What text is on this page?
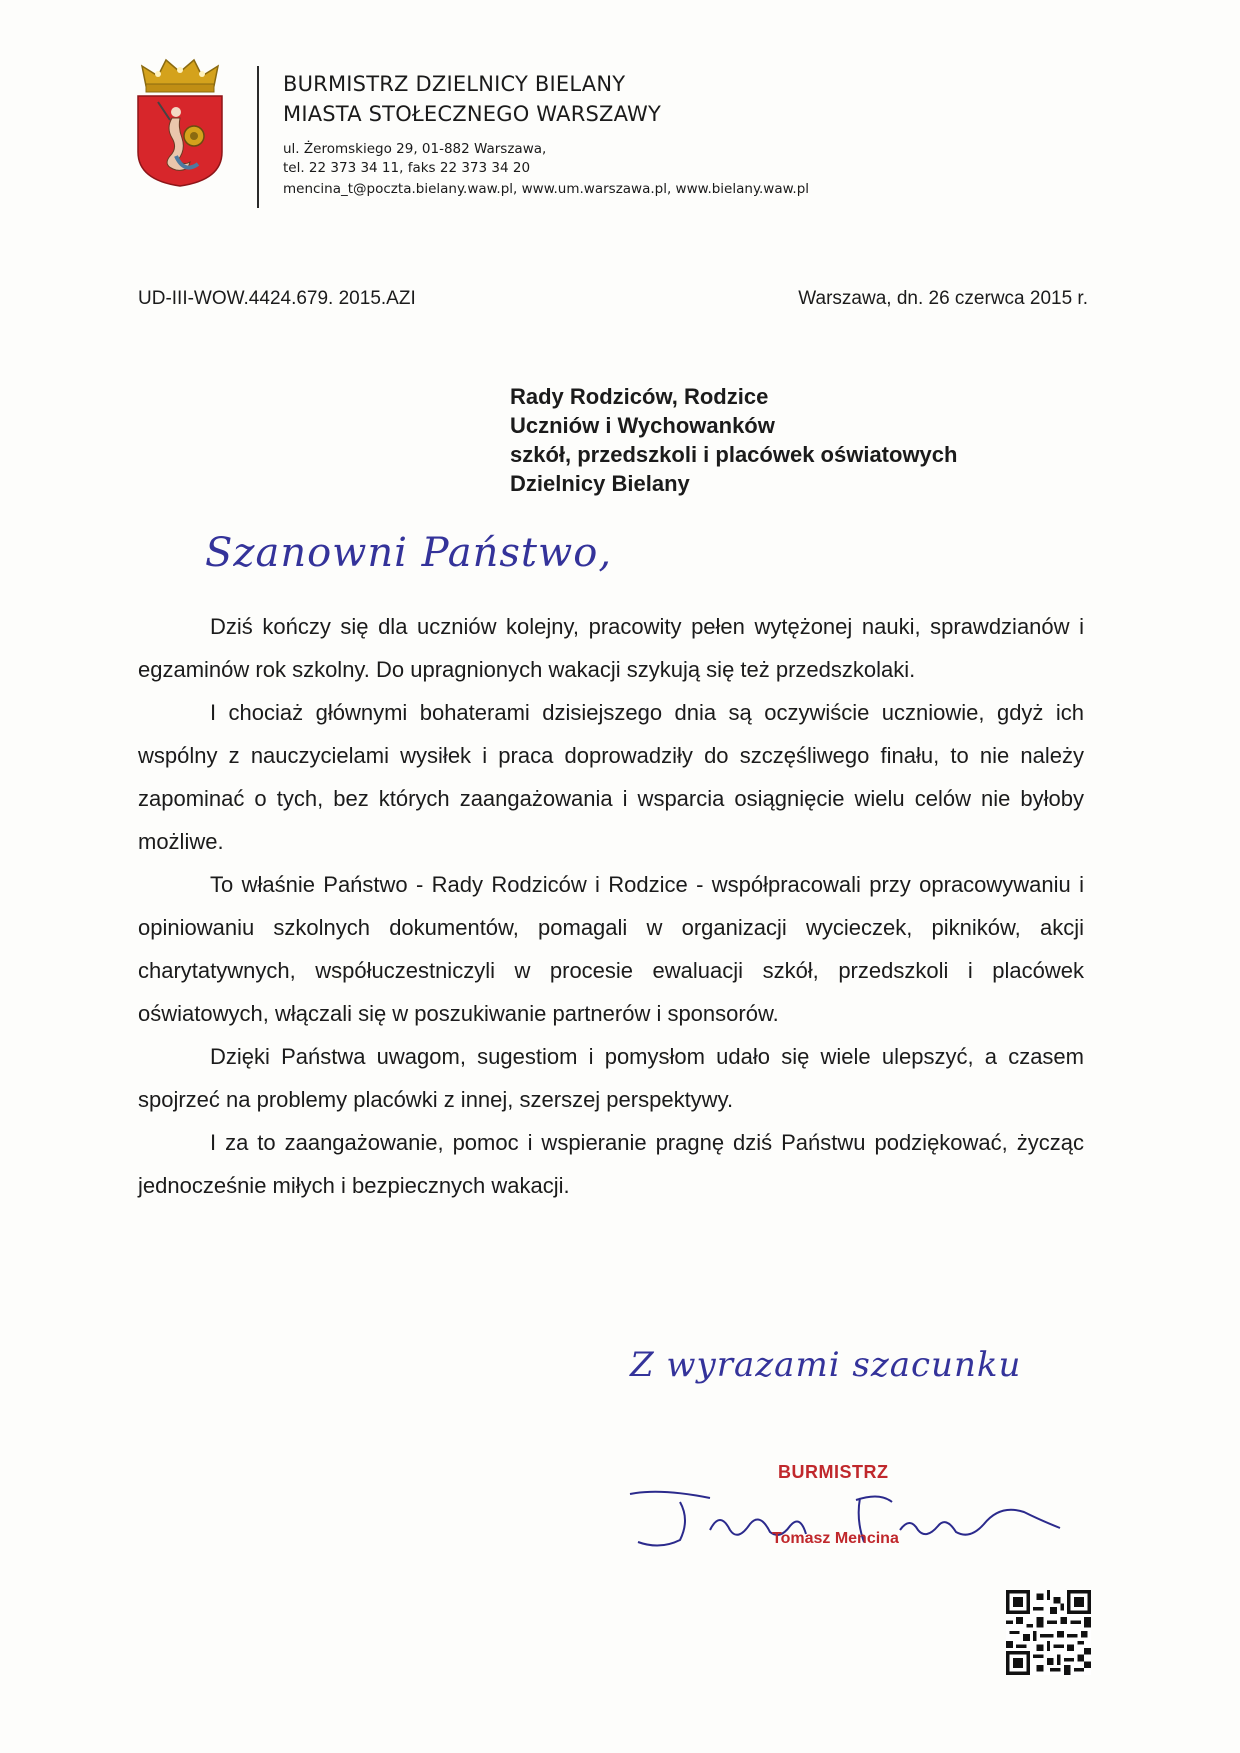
BURMISTRZ DZIELNICY BIELANY
MIASTA STOŁECZNEGO WARSZAWY
ul. Żeromskiego 29, 01-882 Warszawa,
tel. 22 373 34 11, faks 22 373 34 20
mencina_t@poczta.bielany.waw.pl, www.um.warszawa.pl, www.bielany.waw.pl
UD-III-WOW.4424.679. 2015.AZI	Warszawa, dn. 26 czerwca 2015 r.
Rady Rodziców, Rodzice
Uczniów i Wychowanków
szkół, przedszkoli i placówek oświatowych
Dzielnicy Bielany
Szanowni Państwo,

Dziś kończy się dla uczniów kolejny, pracowity pełen wytężonej nauki, sprawdzianów i egzaminów rok szkolny. Do upragnionych wakacji szykują się też przedszkolaki.

I chociaż głównymi bohaterami dzisiejszego dnia są oczywiście uczniowie, gdyż ich wspólny z nauczycielami wysiłek i praca doprowadziły do szczęśliwego finału, to nie należy zapominać o tych, bez których zaangażowania i wsparcia osiągnięcie wielu celów nie byłoby możliwe.

To właśnie Państwo - Rady Rodziców i Rodzice - współpracowali przy opracowywaniu i opiniowaniu szkolnych dokumentów, pomagali w organizacji wycieczek, pikników, akcji charytatywnych, współuczestniczyli w procesie ewaluacji szkół, przedszkoli i placówek oświatowych, włączali się w poszukiwanie partnerów i sponsorów.

Dzięki Państwa uwagom, sugestiom i pomysłom udało się wiele ulepszyć, a czasem spojrzeć na problemy placówki z innej, szerszej perspektywy.

I za to zaangażowanie, pomoc i wspieranie pragnę dziś Państwu podziękować, życząc jednocześnie miłych i bezpiecznych wakacji.

Z wyrazami szacunku
BURMISTRZ
Tomasz Mencina
